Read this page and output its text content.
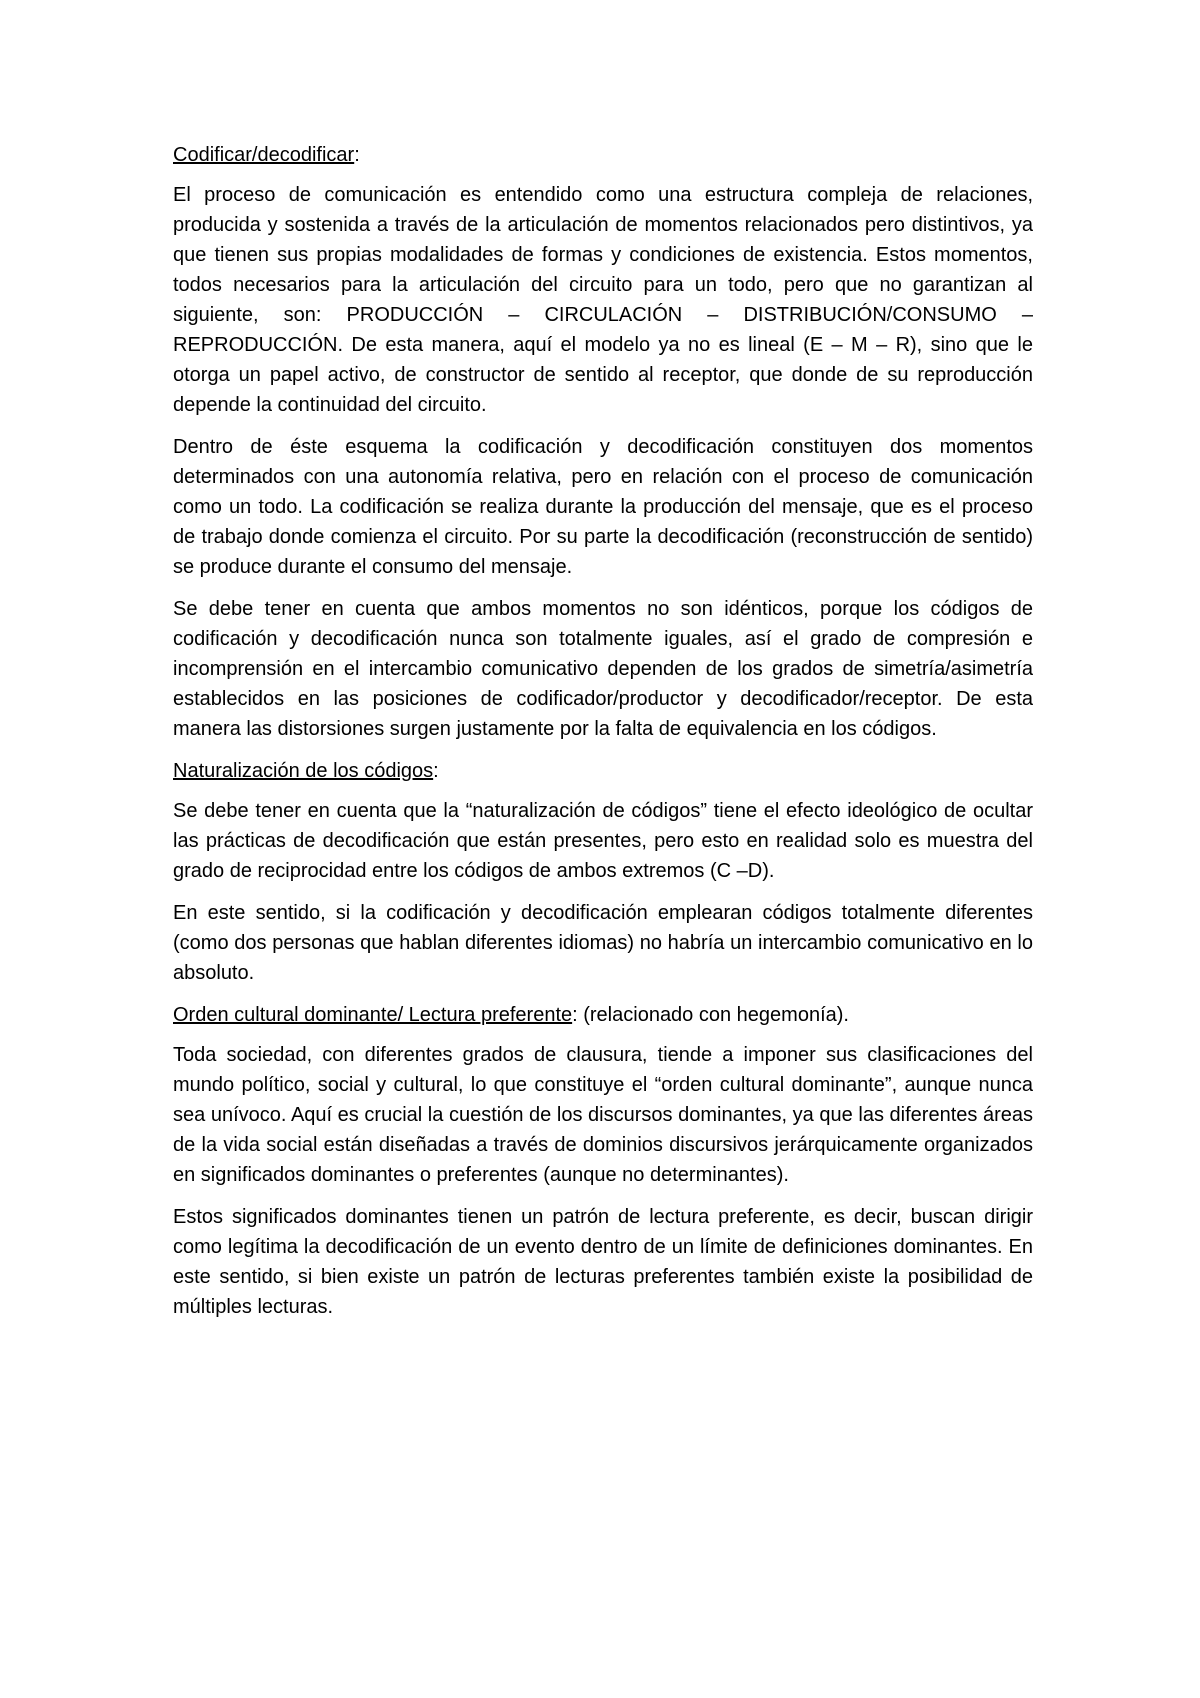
Codificar/decodificar:

El proceso de comunicación es entendido como una estructura compleja de relaciones, producida y sostenida a través de la articulación de momentos relacionados pero distintivos, ya que tienen sus propias modalidades de formas y condiciones de existencia. Estos momentos, todos necesarios para la articulación del circuito para un todo, pero que no garantizan al siguiente, son: PRODUCCIÓN – CIRCULACIÓN – DISTRIBUCIÓN/CONSUMO – REPRODUCCIÓN. De esta manera, aquí el modelo ya no es lineal (E – M – R), sino que le otorga un papel activo, de constructor de sentido al receptor, que donde de su reproducción depende la continuidad del circuito.

Dentro de éste esquema la codificación y decodificación constituyen dos momentos determinados con una autonomía relativa, pero en relación con el proceso de comunicación como un todo. La codificación se realiza durante la producción del mensaje, que es el proceso de trabajo donde comienza el circuito. Por su parte la decodificación (reconstrucción de sentido) se produce durante el consumo del mensaje.

Se debe tener en cuenta que ambos momentos no son idénticos, porque los códigos de codificación y decodificación nunca son totalmente iguales, así el grado de compresión e incomprensión en el intercambio comunicativo dependen de los grados de simetría/asimetría establecidos en las posiciones de codificador/productor y decodificador/receptor. De esta manera las distorsiones surgen justamente por la falta de equivalencia en los códigos.

Naturalización de los códigos:

Se debe tener en cuenta que la “naturalización de códigos” tiene el efecto ideológico de ocultar las prácticas de decodificación que están presentes, pero esto en realidad solo es muestra del grado de reciprocidad entre los códigos de ambos extremos (C –D).

En este sentido, si la codificación y decodificación emplearan códigos totalmente diferentes (como dos personas que hablan diferentes idiomas) no habría un intercambio comunicativo en lo absoluto.

Orden cultural dominante/ Lectura preferente: (relacionado con hegemonía).

Toda sociedad, con diferentes grados de clausura, tiende a imponer sus clasificaciones del mundo político, social y cultural, lo que constituye el “orden cultural dominante”, aunque nunca sea unívoco. Aquí es crucial la cuestión de los discursos dominantes, ya que las diferentes áreas de la vida social están diseñadas a través de dominios discursivos jerárquicamente organizados en significados dominantes o preferentes (aunque no determinantes).

Estos significados dominantes tienen un patrón de lectura preferente, es decir, buscan dirigir como legítima la decodificación de un evento dentro de un límite de definiciones dominantes. En este sentido, si bien existe un patrón de lecturas preferentes también existe la posibilidad de múltiples lecturas.
